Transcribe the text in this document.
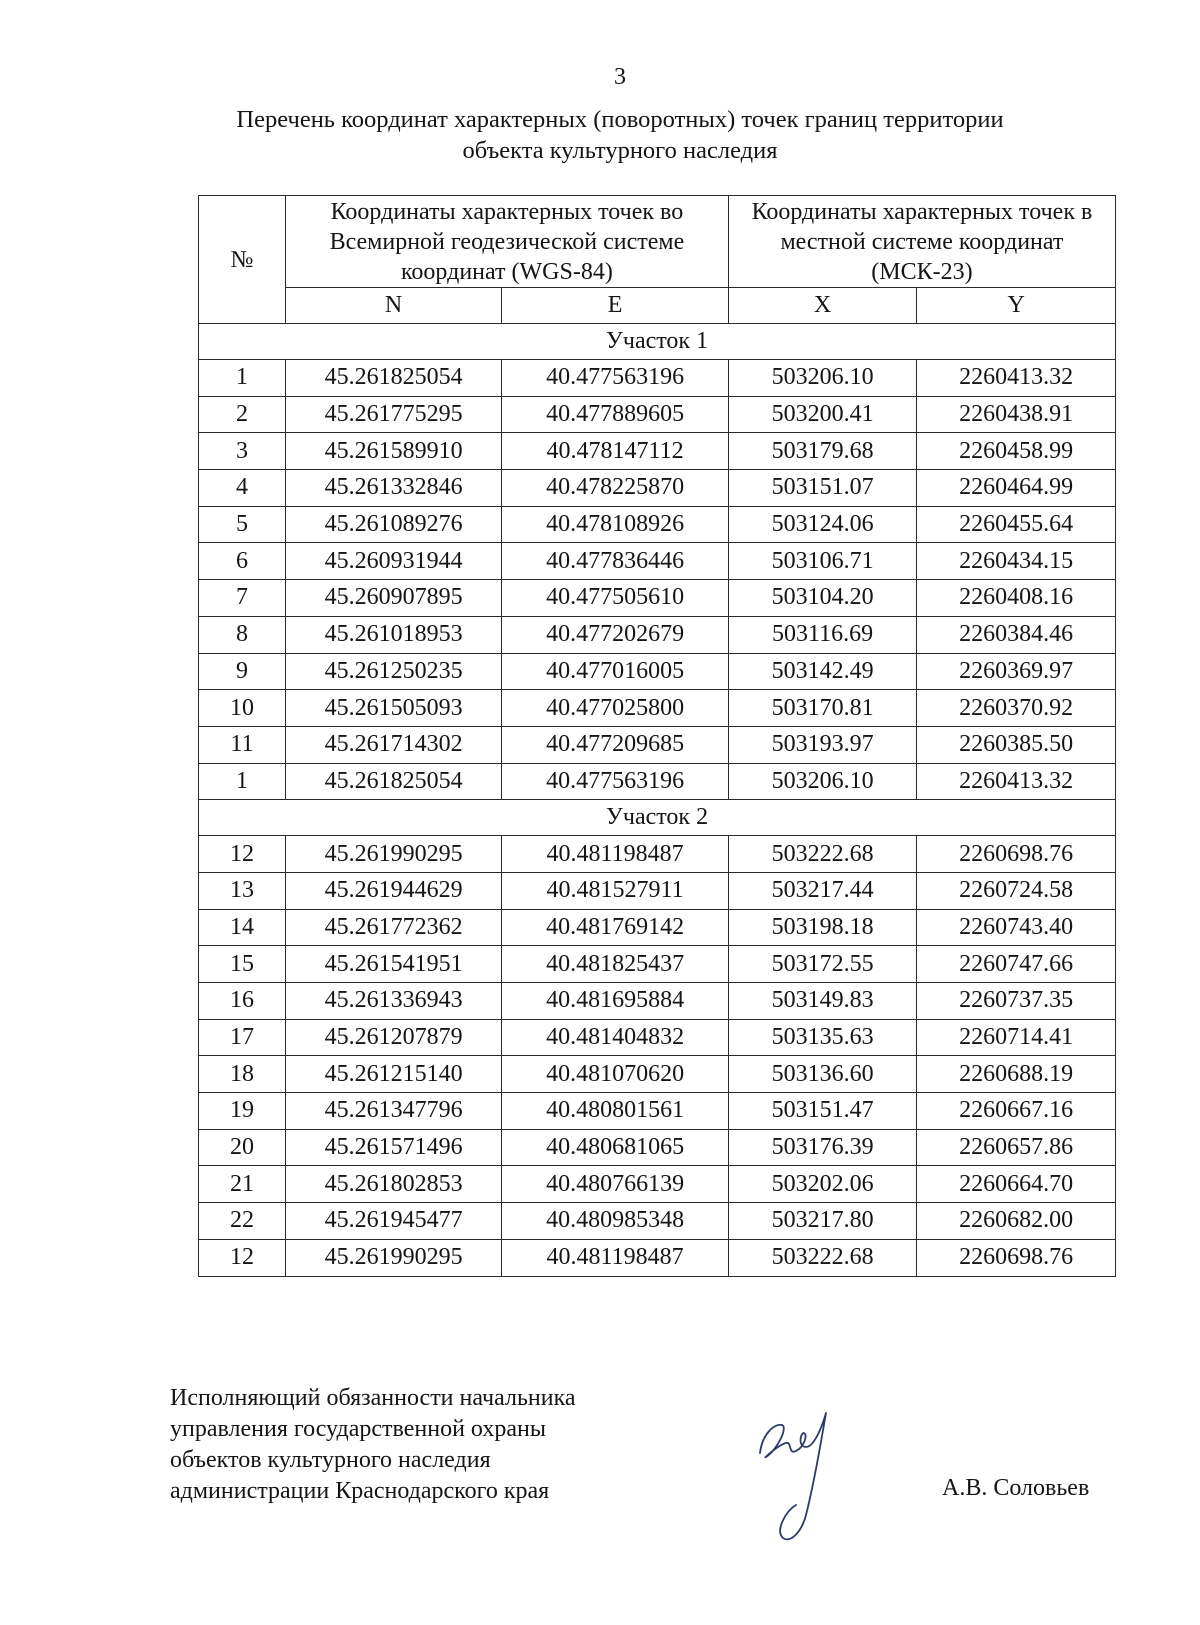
3
Перечень координат характерных (поворотных) точек границ территории
объекта культурного наследия
№	Координаты характерных точек во Всемирной геодезической системе координат (WGS-84)		Координаты характерных точек в местной системе координат (МСК-23)	
	N	E	X	Y
Участок 1				
1	45.261825054	40.477563196	503206.10	2260413.32
2	45.261775295	40.477889605	503200.41	2260438.91
3	45.261589910	40.478147112	503179.68	2260458.99
4	45.261332846	40.478225870	503151.07	2260464.99
5	45.261089276	40.478108926	503124.06	2260455.64
6	45.260931944	40.477836446	503106.71	2260434.15
7	45.260907895	40.477505610	503104.20	2260408.16
8	45.261018953	40.477202679	503116.69	2260384.46
9	45.261250235	40.477016005	503142.49	2260369.97
10	45.261505093	40.477025800	503170.81	2260370.92
11	45.261714302	40.477209685	503193.97	2260385.50
1	45.261825054	40.477563196	503206.10	2260413.32
Участок 2				
12	45.261990295	40.481198487	503222.68	2260698.76
13	45.261944629	40.481527911	503217.44	2260724.58
14	45.261772362	40.481769142	503198.18	2260743.40
15	45.261541951	40.481825437	503172.55	2260747.66
16	45.261336943	40.481695884	503149.83	2260737.35
17	45.261207879	40.481404832	503135.63	2260714.41
18	45.261215140	40.481070620	503136.60	2260688.19
19	45.261347796	40.480801561	503151.47	2260667.16
20	45.261571496	40.480681065	503176.39	2260657.86
21	45.261802853	40.480766139	503202.06	2260664.70
22	45.261945477	40.480985348	503217.80	2260682.00
12	45.261990295	40.481198487	503222.68	2260698.76
Исполняющий обязанности начальника
управления государственной охраны
объектов культурного наследия
администрации Краснодарского края	А.В. Соловьев
